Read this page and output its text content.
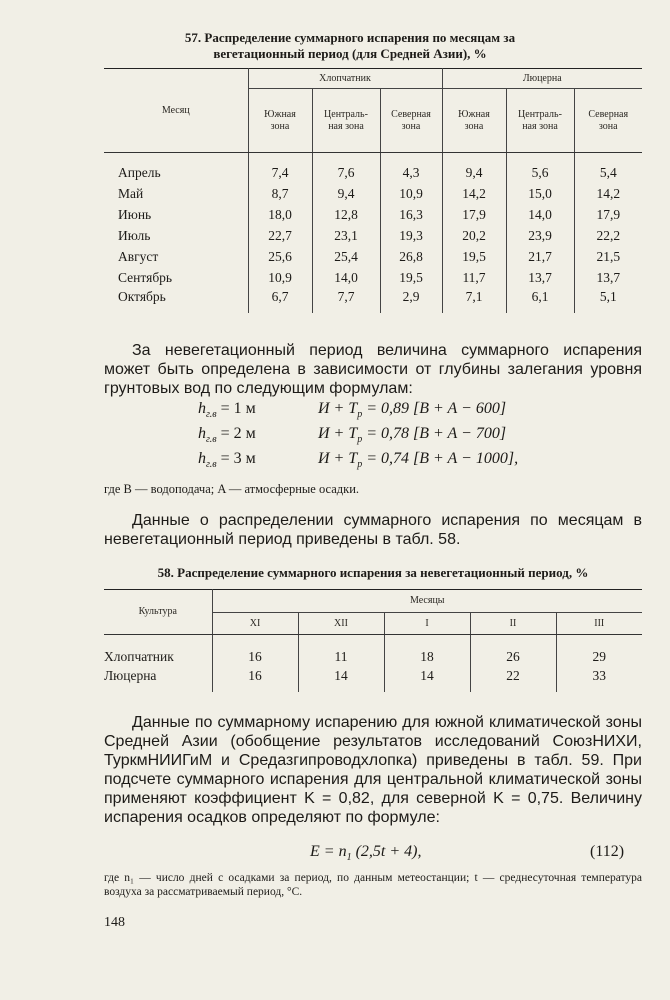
57. Распределение суммарного испарения по месяцам за
вегетационный период (для Средней Азии), %
Месяц	Хлопчатник			Люцерна		
	Южная зона	Централь-ная зона	Северная зона	Южная зона	Централь-ная зона	Северная зона

Апрель	7,4	7,6	4,3	9,4	5,6	5,4
Май	8,7	9,4	10,9	14,2	15,0	14,2
Июнь	18,0	12,8	16,3	17,9	14,0	17,9
Июль	22,7	23,1	19,3	20,2	23,9	22,2
Август	25,6	25,4	26,8	19,5	21,7	21,5
Сентябрь	10,9	14,0	19,5	11,7	13,7	13,7
Октябрь	6,7	7,7	2,9	7,1	6,1	5,1
За невегетационный период величина суммарного испарения может быть определена в зависимости от глубины залегания уровня грунтовых вод по следующим формулам:
$h_{г.в} = 1$ м	$И + T_р = 0,89$ [B + A − 600]
$h_{г.в} = 2$ м	$И + T_р = 0,78$ [B + A − 700]
$h_{г.в} = 3$ м	$И + T_р = 0,74$ [B + A − 1000],
где B — водоподача; A — атмосферные осадки.
Данные о распределении суммарного испарения по месяцам в невегетационный период приведены в табл. 58.
58. Распределение суммарного испарения за невегетационный период, %
Культура	Месяцы				
	XI	XII	I	II	III

Хлопчатник	16	11	18	26	29
Люцерна	16	14	14	22	33
Данные по суммарному испарению для южной климатической зоны Средней Азии (обобщение результатов исследований СоюзНИХИ, ТуркмНИИГиМ и Средазгипроводхлопка) приведены в табл. 59. При подсчете суммарного испарения для центральной климатической зоны применяют коэффициент K = 0,82, для северной K = 0,75. Величину испарения осадков определяют по формуле:
$E = n_1$ (2,5t + 4),	(112)
где n₁ — число дней с осадками за период, по данным метеостанции; t — среднесуточная температура воздуха за рассматриваемый период, °С.
148
